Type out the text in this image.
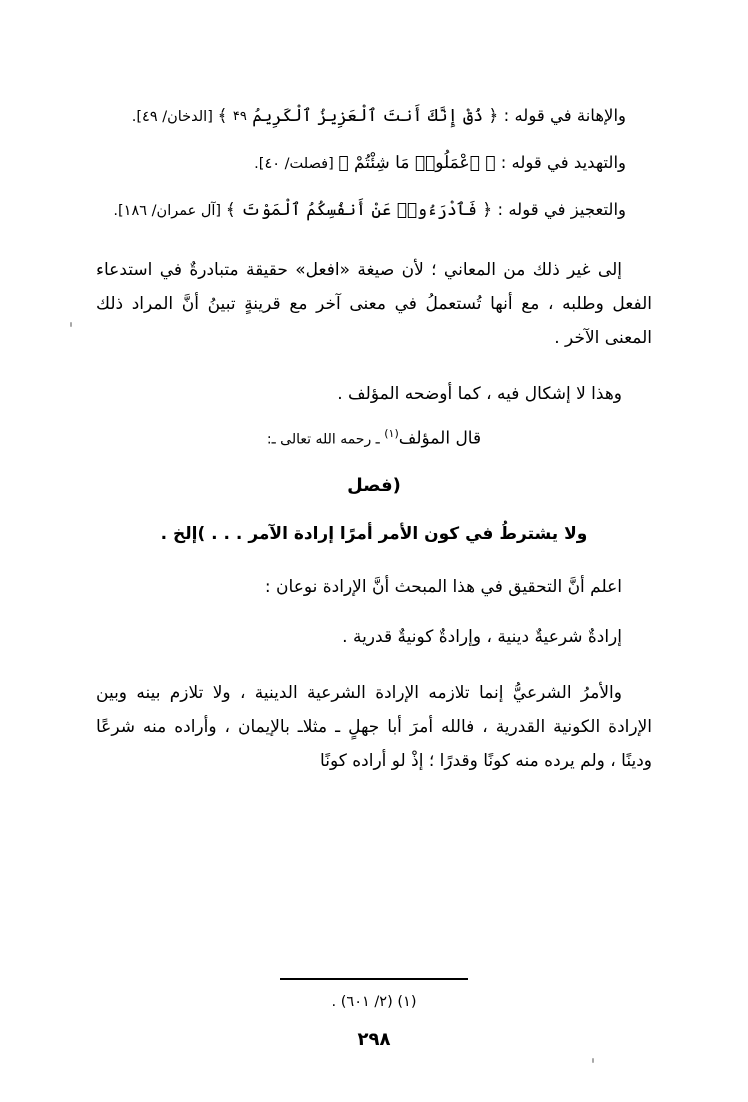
والإهانة في قوله : ﴿ ذُقْ إِنَّكَ أَنتَ ٱلْعَزِيزُ ٱلْكَرِيمُ ۴۹ ﴾ [الدخان/ ٤٩].

والتهديد في قوله : ﴿ ٱعْمَلُوا۟ مَا شِئْتُمْ ﴾ [فصلت/ ٤٠].

والتعجيز في قوله : ﴿ فَٱدْرَءُوا۟ عَنْ أَنفُسِكُمُ ٱلْمَوْتَ ﴾ [آل عمران/ ١٨٦].

إلى غير ذلك من المعاني ؛ لأن صيغة «افعل» حقيقة متبادرةٌ في استدعاء الفعل وطلبه ، مع أنها تُستعملُ في معنى آخر مع قرينةٍ تبينُ أنَّ المراد ذلك المعنى الآخر .

وهذا لا إشكال فيه ، كما أوضحه المؤلف .

قال المؤلف$^{(١)}$ ـ رحمه الله تعالى ـ:

(فصل

ولا يشترطُ في كون الأمر أمرًا إرادة الآمر . . . )إلخ .

اعلم أنَّ التحقيق في هذا المبحث أنَّ الإرادة نوعان :

إرادةٌ شرعيةٌ دينية ، وإرادةٌ كونيةٌ قدرية .

والأمرُ الشرعيُّ إنما تلازمه الإرادة الشرعية الدينية ، ولا تلازم بينه وبين الإرادة الكونية القدرية ، فالله أمرَ أبا جهلٍ ـ مثلاـ بالإيمان ، وأراده منه شرعًا ودينًا ، ولم يرده منه كونًا وقدرًا ؛ إذْ لو أراده كونًا

(١) (٢/ ٦٠١) .

٢٩٨
